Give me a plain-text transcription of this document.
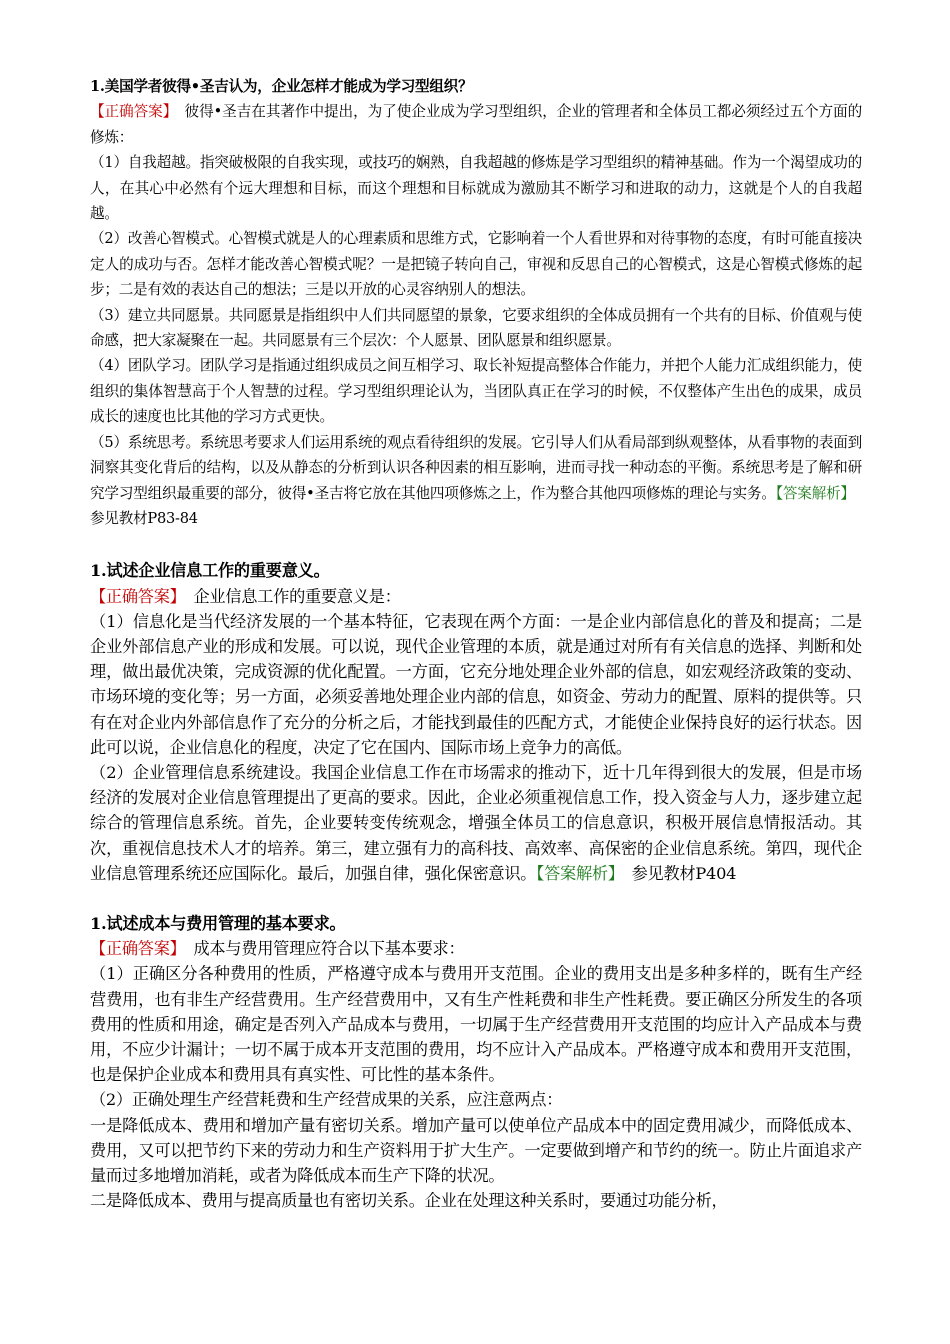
1.美国学者彼得•圣吉认为，企业怎样才能成为学习型组织？

【正确答案】　彼得•圣吉在其著作中提出，为了使企业成为学习型组织，企业的管理者和全体员工都必须经过五个方面的修炼：

（1）自我超越。指突破极限的自我实现，或技巧的娴熟，自我超越的修炼是学习型组织的精神基础。作为一个渴望成功的人，在其心中必然有个远大理想和目标，而这个理想和目标就成为激励其不断学习和进取的动力，这就是个人的自我超越。

（2）改善心智模式。心智模式就是人的心理素质和思维方式，它影响着一个人看世界和对待事物的态度，有时可能直接决定人的成功与否。怎样才能改善心智模式呢？一是把镜子转向自己，审视和反思自己的心智模式，这是心智模式修炼的起步；二是有效的表达自己的想法；三是以开放的心灵容纳别人的想法。

（3）建立共同愿景。共同愿景是指组织中人们共同愿望的景象，它要求组织的全体成员拥有一个共有的目标、价值观与使命感，把大家凝聚在一起。共同愿景有三个层次：个人愿景、团队愿景和组织愿景。

（4）团队学习。团队学习是指通过组织成员之间互相学习、取长补短提高整体合作能力，并把个人能力汇成组织能力，使组织的集体智慧高于个人智慧的过程。学习型组织理论认为，当团队真正在学习的时候，不仅整体产生出色的成果，成员成长的速度也比其他的学习方式更快。

（5）系统思考。系统思考要求人们运用系统的观点看待组织的发展。它引导人们从看局部到纵观整体，从看事物的表面到洞察其变化背后的结构，以及从静态的分析到认识各种因素的相互影响，进而寻找一种动态的平衡。系统思考是了解和研究学习型组织最重要的部分，彼得•圣吉将它放在其他四项修炼之上，作为整合其他四项修炼的理论与实务。【答案解析】　参见教材P83-84

1.试述企业信息工作的重要意义。

【正确答案】　企业信息工作的重要意义是：

（1）信息化是当代经济发展的一个基本特征，它表现在两个方面：一是企业内部信息化的普及和提高；二是企业外部信息产业的形成和发展。可以说，现代企业管理的本质，就是通过对所有有关信息的选择、判断和处理，做出最优决策，完成资源的优化配置。一方面，它充分地处理企业外部的信息，如宏观经济政策的变动、市场环境的变化等；另一方面，必须妥善地处理企业内部的信息，如资金、劳动力的配置、原料的提供等。只有在对企业内外部信息作了充分的分析之后，才能找到最佳的匹配方式，才能使企业保持良好的运行状态。因此可以说，企业信息化的程度，决定了它在国内、国际市场上竞争力的高低。

（2）企业管理信息系统建设。我国企业信息工作在市场需求的推动下，近十几年得到很大的发展，但是市场经济的发展对企业信息管理提出了更高的要求。因此，企业必须重视信息工作，投入资金与人力，逐步建立起综合的管理信息系统。首先，企业要转变传统观念，增强全体员工的信息意识，积极开展信息情报活动。其次，重视信息技术人才的培养。第三，建立强有力的高科技、高效率、高保密的企业信息系统。第四，现代企业信息管理系统还应国际化。最后，加强自律，强化保密意识。【答案解析】　参见教材P404

1.试述成本与费用管理的基本要求。

【正确答案】　成本与费用管理应符合以下基本要求：

（1）正确区分各种费用的性质，严格遵守成本与费用开支范围。企业的费用支出是多种多样的，既有生产经营费用，也有非生产经营费用。生产经营费用中，又有生产性耗费和非生产性耗费。要正确区分所发生的各项费用的性质和用途，确定是否列入产品成本与费用，一切属于生产经营费用开支范围的均应计入产品成本与费用，不应少计漏计；一切不属于成本开支范围的费用，均不应计入产品成本。严格遵守成本和费用开支范围，也是保护企业成本和费用具有真实性、可比性的基本条件。

（2）正确处理生产经营耗费和生产经营成果的关系，应注意两点：

一是降低成本、费用和增加产量有密切关系。增加产量可以使单位产品成本中的固定费用减少，而降低成本、费用，又可以把节约下来的劳动力和生产资料用于扩大生产。一定要做到增产和节约的统一。防止片面追求产量而过多地增加消耗，或者为降低成本而生产下降的状况。

二是降低成本、费用与提高质量也有密切关系。企业在处理这种关系时，要通过功能分析，
